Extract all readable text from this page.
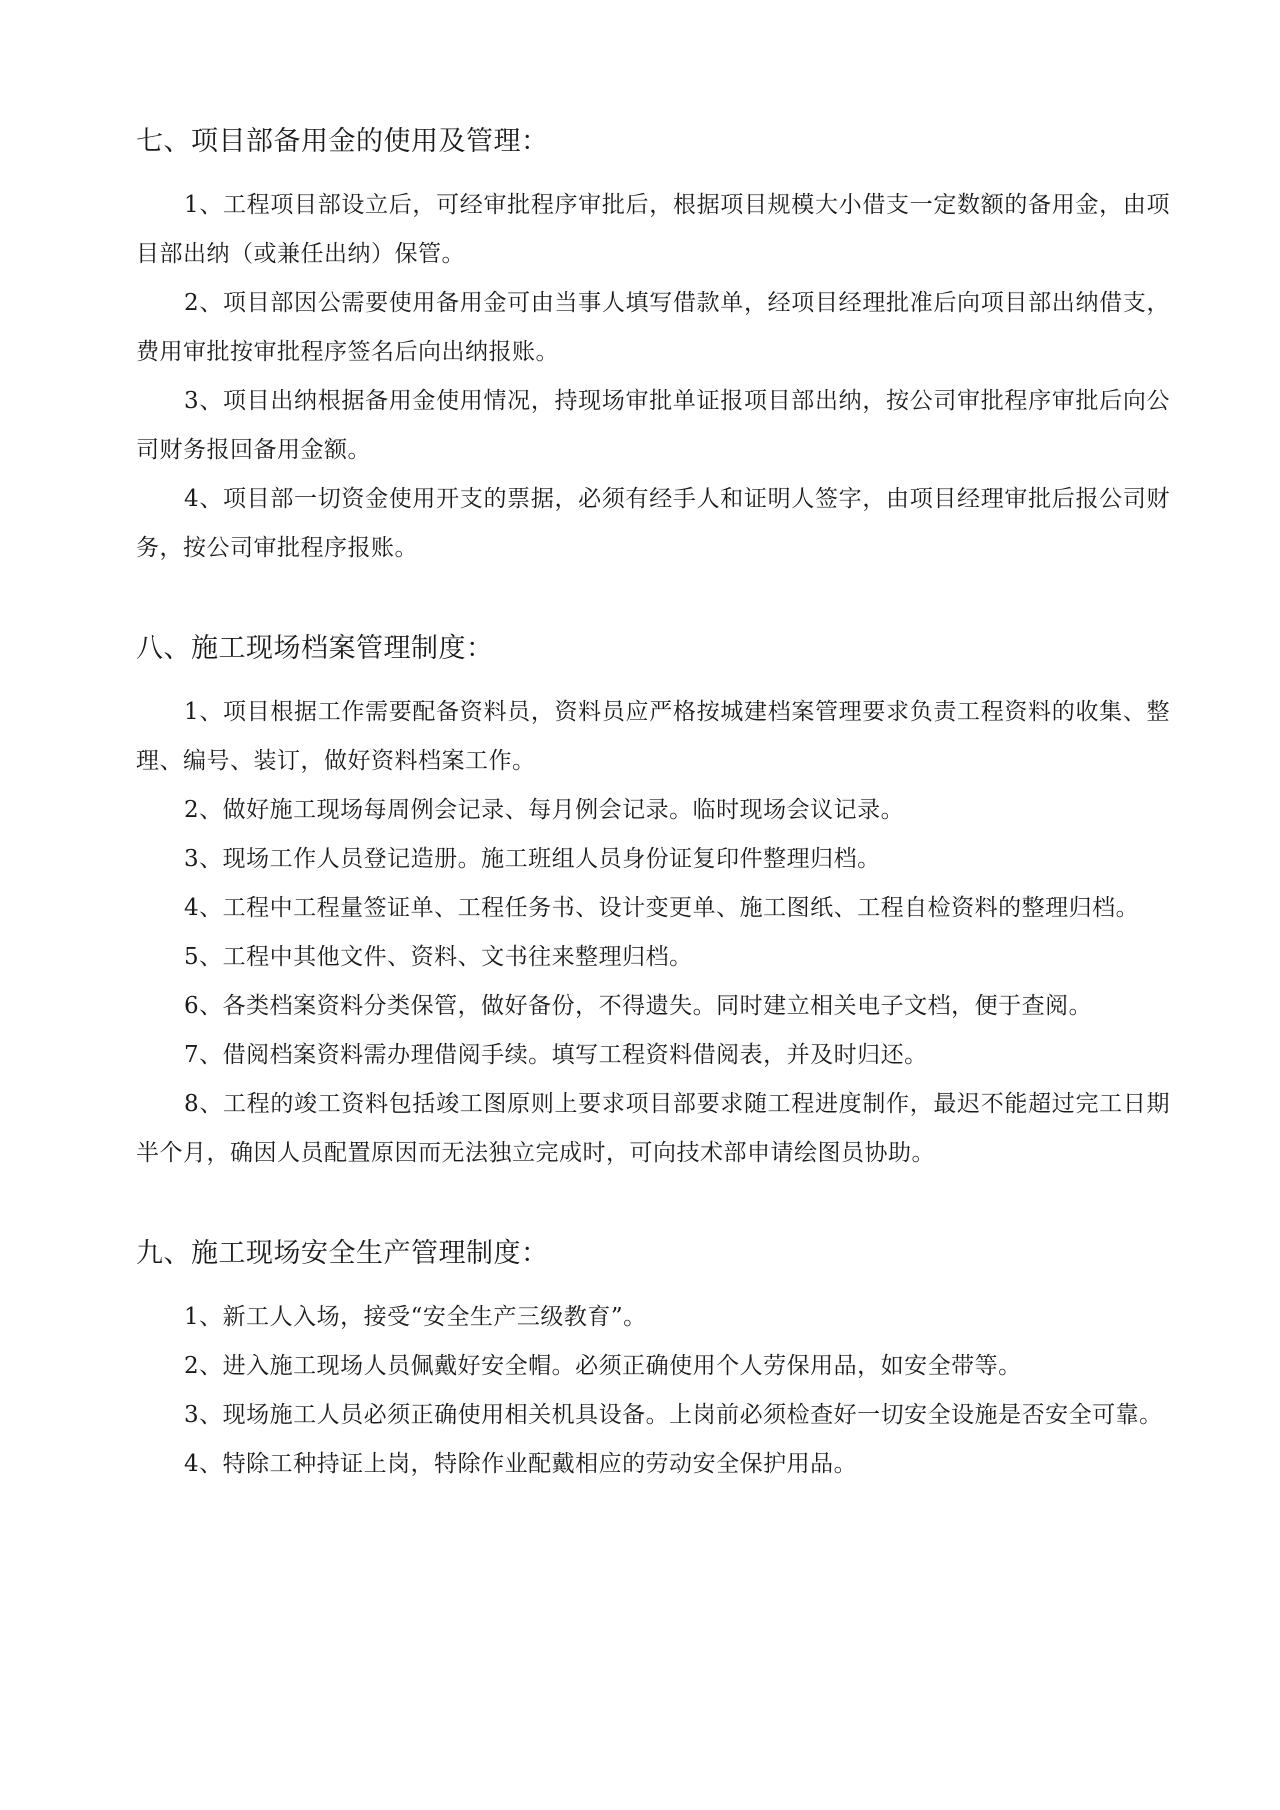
七、项目部备用金的使用及管理：

1、工程项目部设立后，可经审批程序审批后，根据项目规模大小借支一定数额的备用金，由项目部出纳（或兼任出纳）保管。

2、项目部因公需要使用备用金可由当事人填写借款单，经项目经理批准后向项目部出纳借支，费用审批按审批程序签名后向出纳报账。

3、项目出纳根据备用金使用情况，持现场审批单证报项目部出纳，按公司审批程序审批后向公司财务报回备用金额。

4、项目部一切资金使用开支的票据，必须有经手人和证明人签字，由项目经理审批后报公司财务，按公司审批程序报账。

八、施工现场档案管理制度：

1、项目根据工作需要配备资料员，资料员应严格按城建档案管理要求负责工程资料的收集、整理、编号、装订，做好资料档案工作。

2、做好施工现场每周例会记录、每月例会记录。临时现场会议记录。

3、现场工作人员登记造册。施工班组人员身份证复印件整理归档。

4、工程中工程量签证单、工程任务书、设计变更单、施工图纸、工程自检资料的整理归档。

5、工程中其他文件、资料、文书往来整理归档。

6、各类档案资料分类保管，做好备份，不得遗失。同时建立相关电子文档，便于查阅。

7、借阅档案资料需办理借阅手续。填写工程资料借阅表，并及时归还。

8、工程的竣工资料包括竣工图原则上要求项目部要求随工程进度制作，最迟不能超过完工日期半个月，确因人员配置原因而无法独立完成时，可向技术部申请绘图员协助。

九、施工现场安全生产管理制度：

1、新工人入场，接受“安全生产三级教育”。

2、进入施工现场人员佩戴好安全帽。必须正确使用个人劳保用品，如安全带等。

3、现场施工人员必须正确使用相关机具设备。上岗前必须检查好一切安全设施是否安全可靠。

4、特除工种持证上岗，特除作业配戴相应的劳动安全保护用品。
